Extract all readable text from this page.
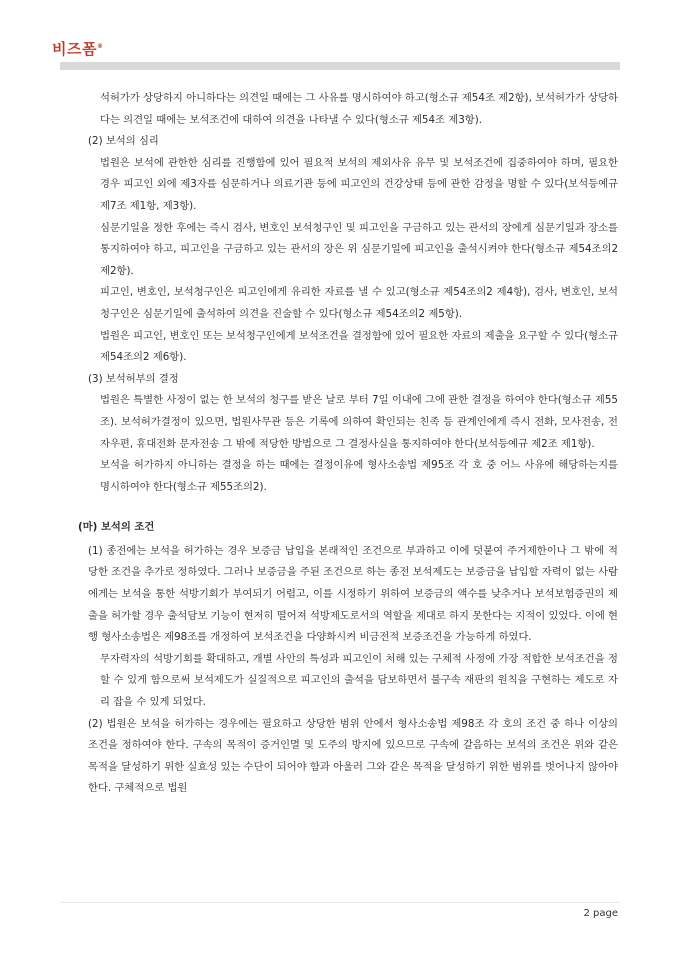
비즈폼®

석허가가 상당하지 아니하다는 의견일 때에는 그 사유를 명시하여야 하고(형소규 제54조 제2항), 보석허가가 상당하다는 의견일 때에는 보석조건에 대하여 의견을 나타낼 수 있다(형소규 제54조 제3항).

(2) 보석의 심리

법원은 보석에 관한한 심리를 진행함에 있어 필요적 보석의 제외사유 유무 및 보석조건에 집중하여야 하며, 필요한 경우 피고인 외에 제3자를 심문하거나 의료기관 등에 피고인의 건강상태 등에 관한 감정을 명할 수 있다(보석등예규 제7조 제1항, 제3항).

심문기일을 정한 후에는 즉시 검사, 변호인 보석청구인 및 피고인을 구금하고 있는 관서의 장에게 심문기일과 장소를 통지하여야 하고, 피고인을 구금하고 있는 관서의 장은 위 심문기일에 피고인을 출석시켜야 한다(형소규 제54조의2 제2항).

피고인, 변호인, 보석청구인은 피고인에게 유리한 자료를 낼 수 있고(형소규 제54조의2 제4항), 검사, 변호인, 보석청구인은 심문기일에 출석하여 의견을 진술할 수 있다(형소규 제54조의2 제5항).

법원은 피고인, 변호인 또는 보석청구인에게 보석조건을 결정함에 있어 필요한 자료의 제출을 요구할 수 있다(형소규 제54조의2 제6항).

(3) 보석허부의 결정

법원은 특별한 사정이 없는 한 보석의 청구를 받은 날로 부터 7일 이내에 그에 관한 결정을 하여야 한다(형소규 제55조). 보석허가결정이 있으면, 법원사무관 등은 기록에 의하여 확인되는 친족 등 관계인에게 즉시 전화, 모사전송, 전자우편, 휴대전화 문자전송 그 밖에 적당한 방법으로 그 결정사실을 통지하여야 한다(보석등예규 제2조 제1항).

보석을 허가하지 아니하는 결정을 하는 때에는 결정이유에 형사소송법 제95조 각 호 중 어느 사유에 해당하는지를 명시하여야 한다(형소규 제55조의2).

(마) 보석의 조건

(1) 종전에는 보석을 허가하는 경우 보증금 납입을 본래적인 조건으로 부과하고 이에 덧붙여 주거제한이나 그 밖에 적당한 조건을 추가로 정하였다. 그러나 보증금을 주된 조건으로 하는 종전 보석제도는 보증금을 납입할 자력이 없는 사람에게는 보석을 통한 석방기회가 부여되기 어렵고, 이를 시정하기 위하여 보증금의 액수를 낮추거나 보석보험증권의 제출을 허가할 경우 출석담보 기능이 현저히 떨어져 석방제도로서의 역할을 제대로 하지 못한다는 지적이 있었다. 이에 현행 형사소송법은 제98조를 개정하여 보석조건을 다양화시켜 비금전적 보증조건을 가능하게 하였다.

무자력자의 석방기회를 확대하고, 개별 사안의 특성과 피고인이 처해 있는 구체적 사정에 가장 적합한 보석조건을 정할 수 있게 함으로써 보석제도가 실질적으로 피고인의 출석을 담보하면서 불구속 재판의 원칙을 구현하는 제도로 자리 잡을 수 있게 되었다.

(2) 법원은 보석을 허가하는 경우에는 필요하고 상당한 범위 안에서 형사소송법 제98조 각 호의 조건 중 하나 이상의 조건을 정하여야 한다. 구속의 목적이 증거인멸 및 도주의 방지에 있으므로 구속에 갈음하는 보석의 조건은 위와 같은 목적을 달성하기 위한 실효성 있는 수단이 되어야 함과 아울러 그와 같은 목적을 달성하기 위한 범위를 벗어나지 않아야 한다. 구체적으로 법원

2 page
